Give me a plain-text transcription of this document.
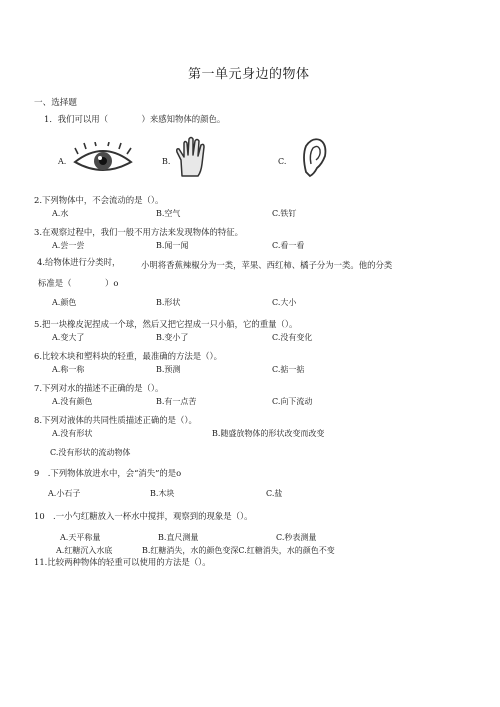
第一单元身边的物体
一、选择题
1．我们可以用（　　　　）来感知物体的颜色。
A.	B.	C.
2.下列物体中，不会流动的是（）。
A.水	B.空气	C.铁钉
3.在观察过程中，我们一般不用方法来发现物体的特征。
A.尝一尝	B.闻一闻	C.看一看
4.给物体进行分类时， 小明将香蕉辣椒分为一类，苹果、西红柿、橘子分为一类。他的分类
标准是（　　　　）o
A.颜色	B.形状	C.大小
5.把一块橡皮泥捏成一个球，然后又把它捏成一只小船，它的重量（）。
A.变大了	B.变小了	C.没有变化
6.比较木块和塑料块的轻重，最准确的方法是（）。
A.称一称	B.预测	C.掂一掂
7.下列对水的描述不正确的是（）。
A.没有颜色	B.有一点苦	C.向下流动
8.下列对液体的共同性质描述正确的是（）。
A.没有形状	B.随盛放物体的形状改变而改变
C.没有形状的流动物体
9　.下列物体放进水中，会“消失”的是o
A.小石子	B.木块	C.盐
10　.一小勺红糖放入一杯水中搅拌，观察到的现象是（）。
A.天平称量	B.直尺测量	C.秒表测量
A.红糖沉入水底	B.红糖消失，水的颜色变深C.红糖消失，水的颜色不变
11.比较两种物体的轻重可以使用的方法是（）。
